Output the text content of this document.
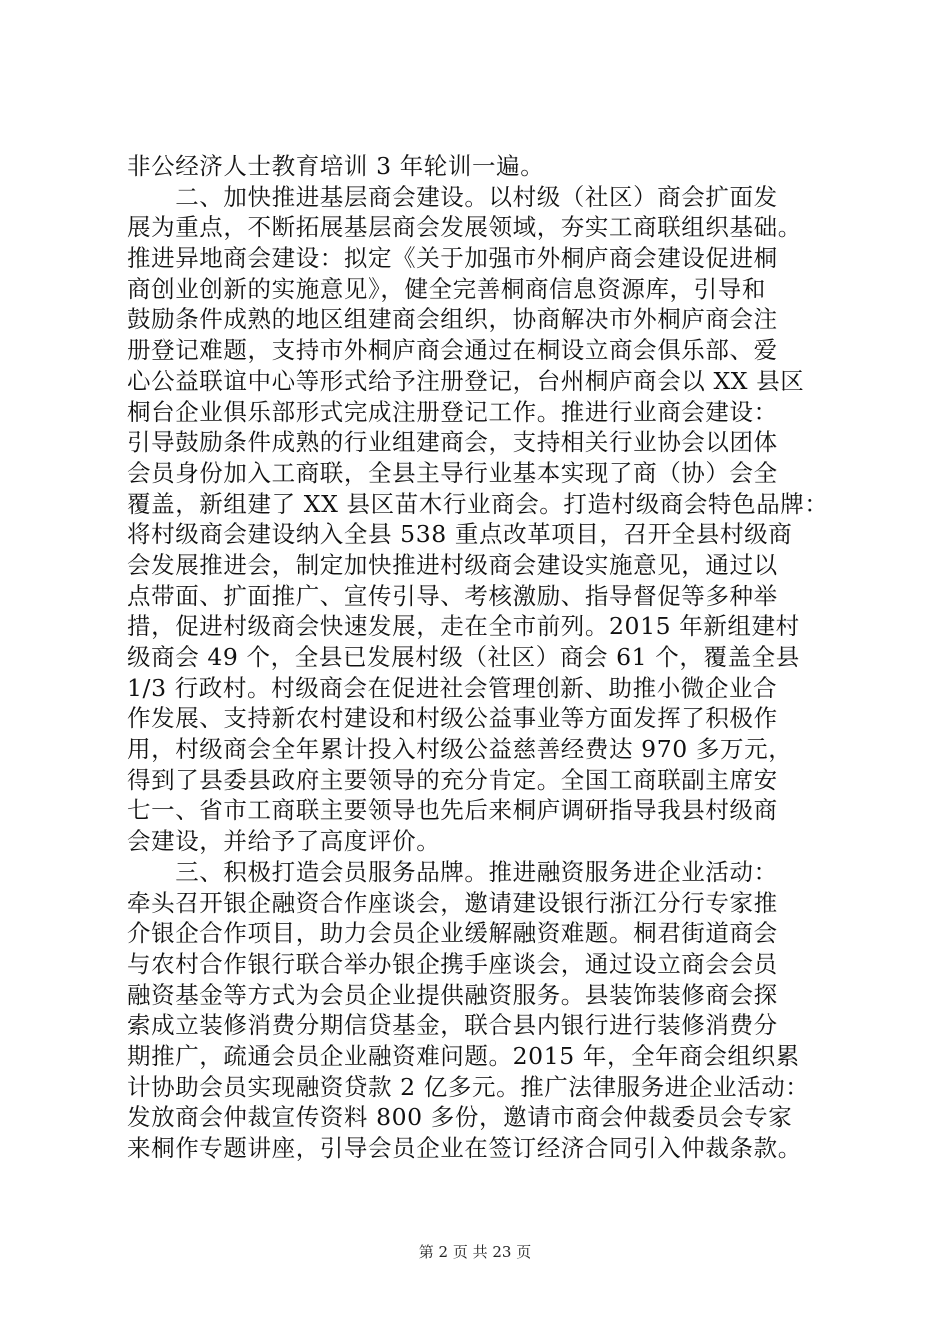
非公经济人士教育培训 3 年轮训一遍。
　　二、加快推进基层商会建设。以村级（社区）商会扩面发
展为重点，不断拓展基层商会发展领域，夯实工商联组织基础。
推进异地商会建设：拟定《关于加强市外桐庐商会建设促进桐
商创业创新的实施意见》，健全完善桐商信息资源库，引导和
鼓励条件成熟的地区组建商会组织，协商解决市外桐庐商会注
册登记难题，支持市外桐庐商会通过在桐设立商会俱乐部、爱
心公益联谊中心等形式给予注册登记，台州桐庐商会以 XX 县区
桐台企业俱乐部形式完成注册登记工作。推进行业商会建设：
引导鼓励条件成熟的行业组建商会，支持相关行业协会以团体
会员身份加入工商联，全县主导行业基本实现了商（协）会全
覆盖，新组建了 XX 县区苗木行业商会。打造村级商会特色品牌：
将村级商会建设纳入全县 538 重点改革项目，召开全县村级商
会发展推进会，制定加快推进村级商会建设实施意见，通过以
点带面、扩面推广、宣传引导、考核激励、指导督促等多种举
措，促进村级商会快速发展，走在全市前列。2015 年新组建村
级商会 49 个，全县已发展村级（社区）商会 61 个，覆盖全县
1/3 行政村。村级商会在促进社会管理创新、助推小微企业合
作发展、支持新农村建设和村级公益事业等方面发挥了积极作
用，村级商会全年累计投入村级公益慈善经费达 970 多万元，
得到了县委县政府主要领导的充分肯定。全国工商联副主席安
七一、省市工商联主要领导也先后来桐庐调研指导我县村级商
会建设，并给予了高度评价。
　　三、积极打造会员服务品牌。推进融资服务进企业活动：
牵头召开银企融资合作座谈会，邀请建设银行浙江分行专家推
介银企合作项目，助力会员企业缓解融资难题。桐君街道商会
与农村合作银行联合举办银企携手座谈会，通过设立商会会员
融资基金等方式为会员企业提供融资服务。县装饰装修商会探
索成立装修消费分期信贷基金，联合县内银行进行装修消费分
期推广，疏通会员企业融资难问题。2015 年，全年商会组织累
计协助会员实现融资贷款 2 亿多元。推广法律服务进企业活动：
发放商会仲裁宣传资料 800 多份，邀请市商会仲裁委员会专家
来桐作专题讲座，引导会员企业在签订经济合同引入仲裁条款。
第 2 页 共 23 页
